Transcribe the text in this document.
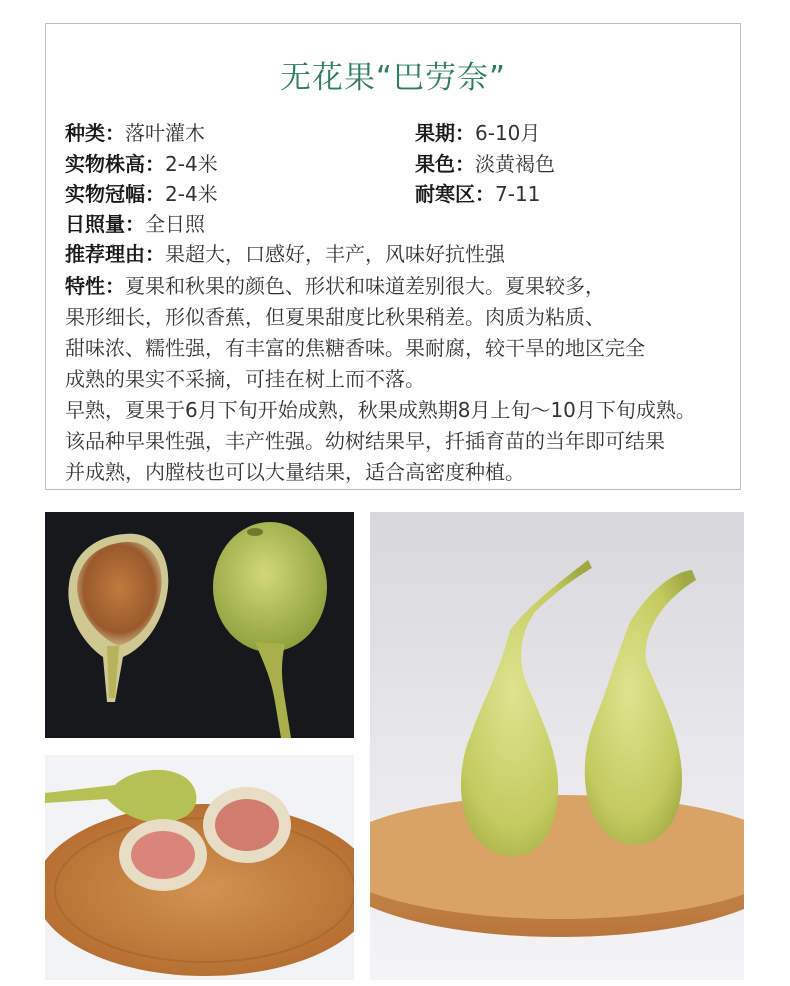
无花果“巴劳奈”
种类：落叶灌木
实物株高：2-4米
实物冠幅：2-4米
日照量：全日照
推荐理由：果超大，口感好，丰产，风味好抗性强
果期：6-10月
果色：淡黄褐色
耐寒区：7-11
特性：夏果和秋果的颜色、形状和味道差别很大。夏果较多，
果形细长，形似香蕉，但夏果甜度比秋果稍差。肉质为粘质、
甜味浓、糯性强，有丰富的焦糖香味。果耐腐，较干旱的地区完全
成熟的果实不采摘，可挂在树上而不落。
早熟，夏果于6月下旬开始成熟，秋果成熟期8月上旬～10月下旬成熟。
该品种早果性强，丰产性强。幼树结果早，扦插育苗的当年即可结果
并成熟，内膛枝也可以大量结果，适合高密度种植。
